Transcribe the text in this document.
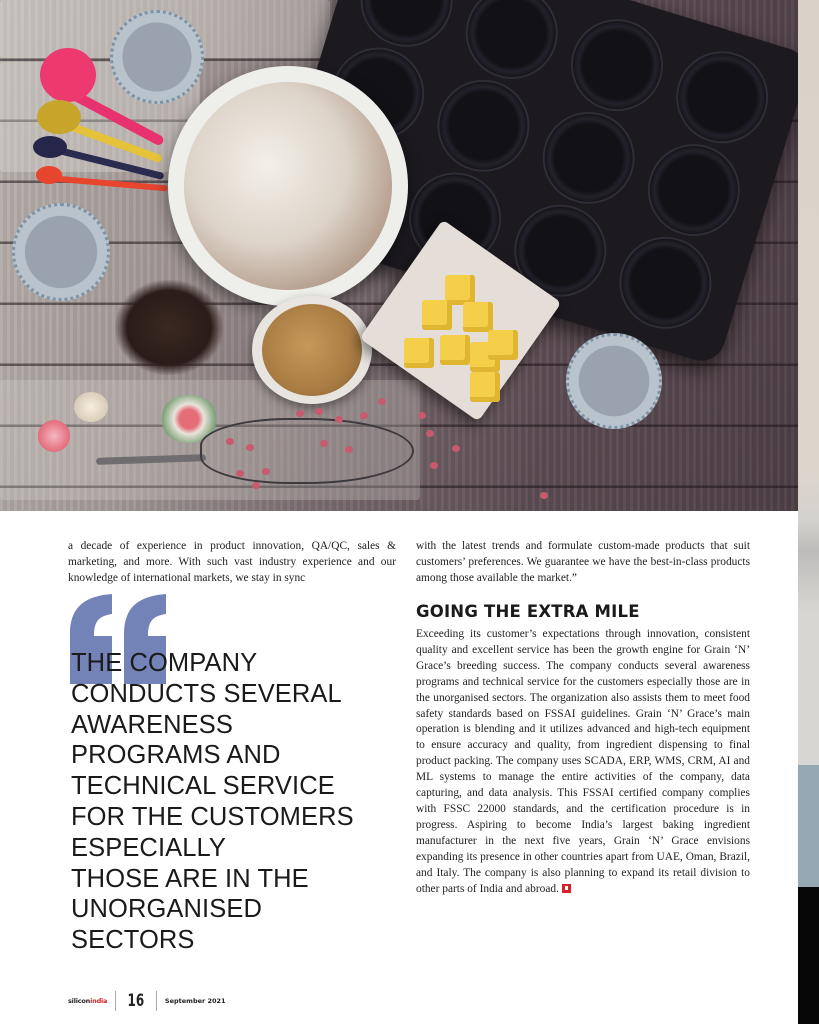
a decade of experience in product innovation, QA/QC, sales & marketing, and more. With such vast industry experience and our knowledge of international markets, we stay in sync
with the latest trends and formulate custom-made products that suit customers’ preferences. We guarantee we have the best-in-class products among those available the market.”
GOING THE EXTRA MILE
Exceeding its customer’s expectations through innovation, consistent quality and excellent service has been the growth engine for Grain ‘N’ Grace’s breeding success. The company conducts several awareness programs and technical service for the customers especially those are in the unorganised sectors. The organization also assists them to meet food safety standards based on FSSAI guidelines. Grain ‘N’ Grace’s main operation is blending and it utilizes advanced and high-tech equipment to ensure accuracy and quality, from ingredient dispensing to final product packing. The company uses SCADA, ERP, WMS, CRM, AI and ML systems to manage the entire activities of the company, data capturing, and data analysis. This FSSAI certified company complies with FSSC 22000 standards, and the certification procedure is in progress. Aspiring to become India’s largest baking ingredient manufacturer in the next five years, Grain ‘N’ Grace envisions expanding its presence in other countries apart from UAE, Oman, Brazil, and Italy. The company is also planning to expand its retail division to other parts of India and abroad.
THE COMPANY
CONDUCTS SEVERAL
AWARENESS
PROGRAMS AND
TECHNICAL SERVICE
FOR THE CUSTOMERS
ESPECIALLY
THOSE ARE IN THE
UNORGANISED
SECTORS
siliconindia 16	September 2021
